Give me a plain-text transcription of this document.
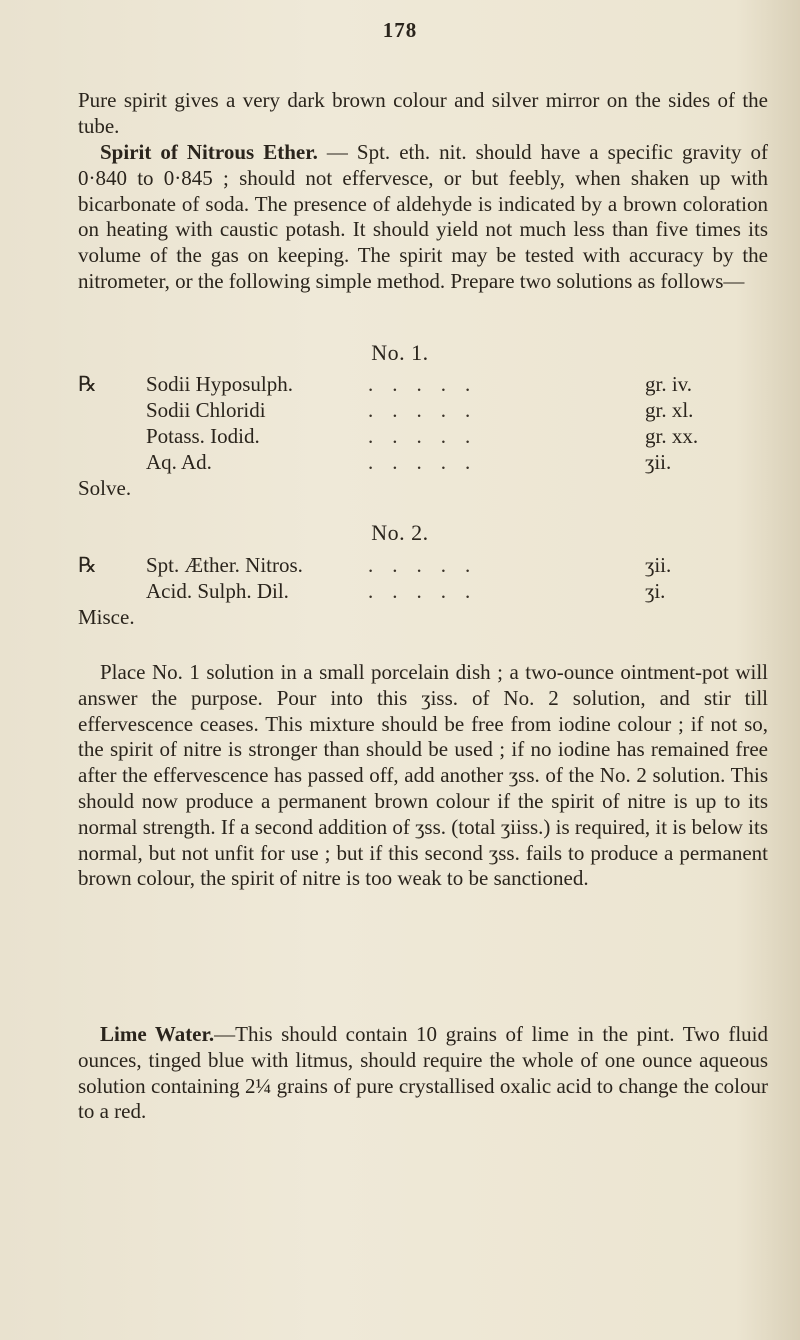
178

Pure spirit gives a very dark brown colour and silver mirror on the sides of the tube.

Spirit of Nitrous Ether. — Spt. eth. nit. should have a specific gravity of 0·840 to 0·845 ; should not effervesce, or but feebly, when shaken up with bicarbonate of soda. The presence of aldehyde is indicated by a brown coloration on heating with caustic potash. It should yield not much less than five times its volume of the gas on keeping. The spirit may be tested with accuracy by the nitrometer, or the following simple method. Prepare two solutions as follows—

No. 1.
℞	Sodii Hyposulph.	.....	gr. iv.
Sodii Chloridi	.....	gr. xl.
Potass. Iodid.	.....	gr. xx.
Aq. Ad.	.....	ʒii.
Solve.
No. 2.
℞	Spt. Æther. Nitros.	.....	ʒii.
Acid. Sulph. Dil.	.....	ʒi.
Misce.

Place No. 1 solution in a small porcelain dish ; a two-ounce ointment-pot will answer the purpose. Pour into this ʒiss. of No. 2 solution, and stir till effervescence ceases. This mixture should be free from iodine colour ; if not so, the spirit of nitre is stronger than should be used ; if no iodine has remained free after the effervescence has passed off, add another ʒss. of the No. 2 solution. This should now produce a permanent brown colour if the spirit of nitre is up to its normal strength. If a second addition of ʒss. (total ʒiiss.) is required, it is below its normal, but not unfit for use ; but if this second ʒss. fails to produce a permanent brown colour, the spirit of nitre is too weak to be sanctioned.

Lime Water.—This should contain 10 grains of lime in the pint. Two fluid ounces, tinged blue with litmus, should require the whole of one ounce aqueous solution containing 2¼ grains of pure crystallised oxalic acid to change the colour to a red.
